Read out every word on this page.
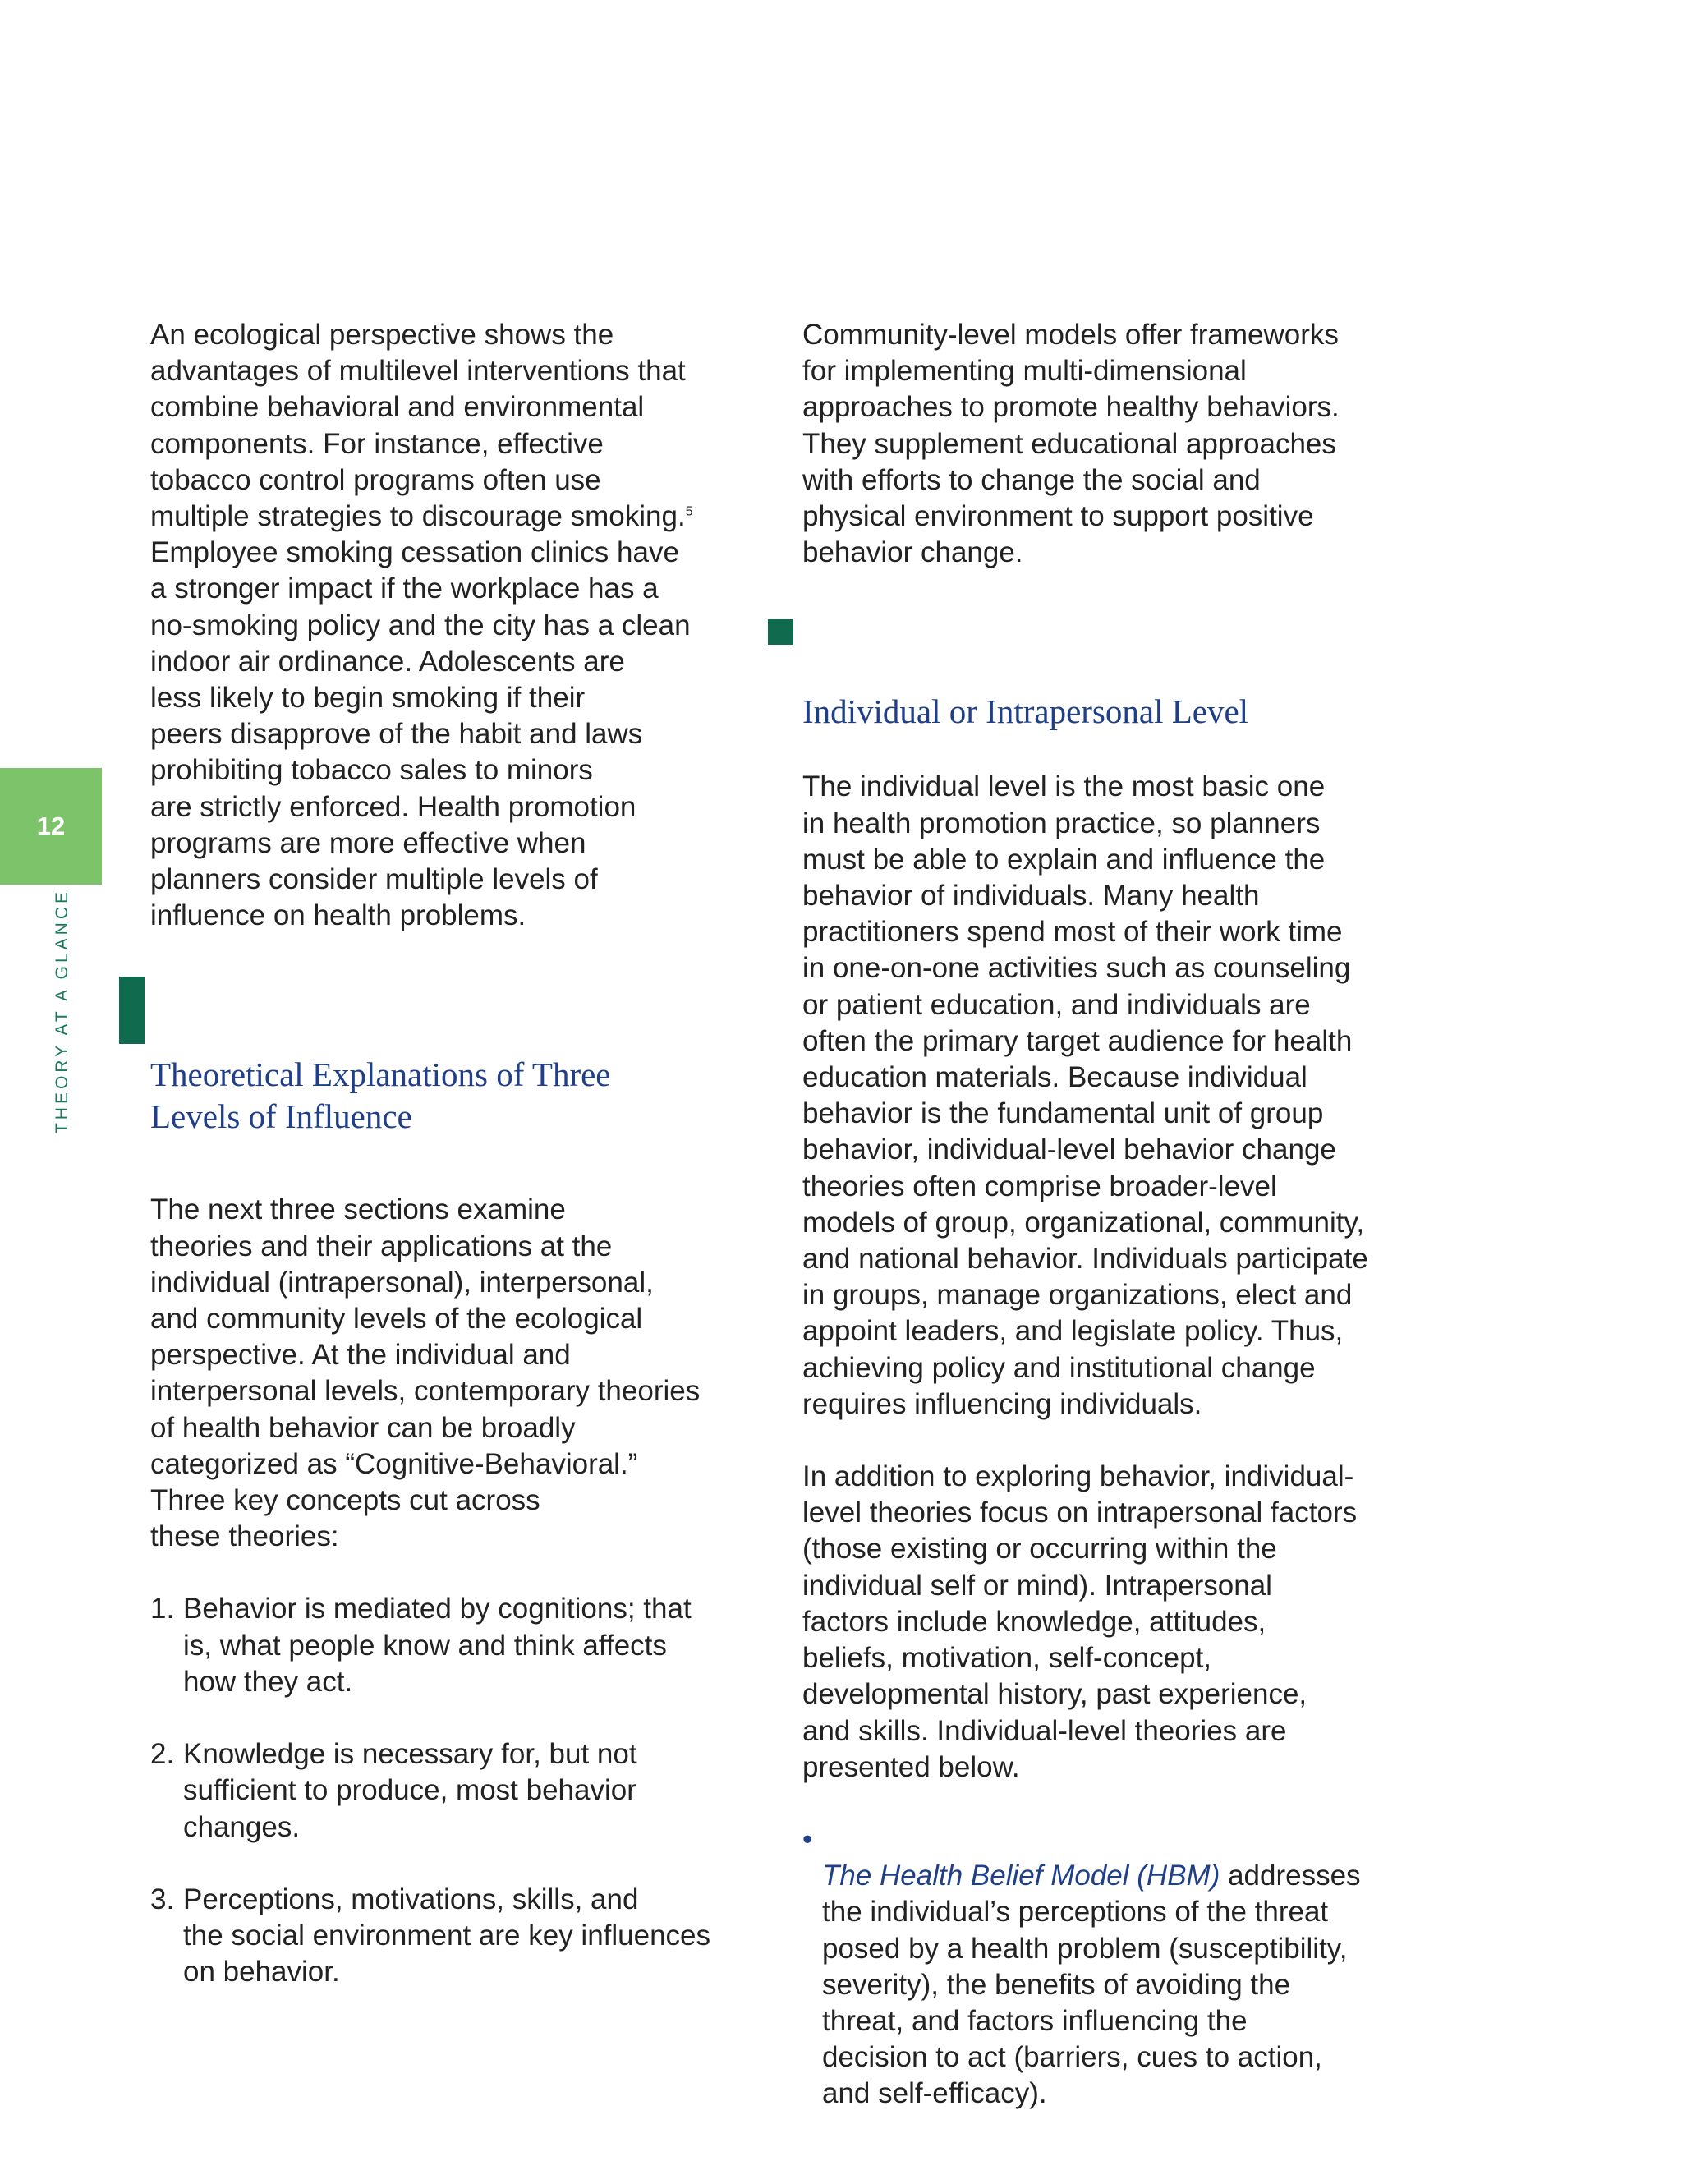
12
THEORY AT A GLANCE

An ecological perspective shows the
advantages of multilevel interventions that
combine behavioral and environmental
components. For instance, effective
tobacco control programs often use
multiple strategies to discourage smoking.$^5$
Employee smoking cessation clinics have
a stronger impact if the workplace has a
no-smoking policy and the city has a clean
indoor air ordinance. Adolescents are
less likely to begin smoking if their
peers disapprove of the habit and laws
prohibiting tobacco sales to minors
are strictly enforced. Health promotion
programs are more effective when
planners consider multiple levels of
influence on health problems.

Theoretical Explanations of Three
Levels of Influence

The next three sections examine
theories and their applications at the
individual (intrapersonal), interpersonal,
and community levels of the ecological
perspective. At the individual and
interpersonal levels, contemporary theories
of health behavior can be broadly
categorized as “Cognitive-Behavioral.”
Three key concepts cut across
these theories:

1. Behavior is mediated by cognitions; that
is, what people know and think affects
how they act.
2. Knowledge is necessary for, but not
sufficient to produce, most behavior
changes.
3. Perceptions, motivations, skills, and
the social environment are key influences
on behavior.

Community-level models offer frameworks
for implementing multi-dimensional
approaches to promote healthy behaviors.
They supplement educational approaches
with efforts to change the social and
physical environment to support positive
behavior change.

Individual or Intrapersonal Level

The individual level is the most basic one
in health promotion practice, so planners
must be able to explain and influence the
behavior of individuals. Many health
practitioners spend most of their work time
in one-on-one activities such as counseling
or patient education, and individuals are
often the primary target audience for health
education materials. Because individual
behavior is the fundamental unit of group
behavior, individual-level behavior change
theories often comprise broader-level
models of group, organizational, community,
and national behavior. Individuals participate
in groups, manage organizations, elect and
appoint leaders, and legislate policy. Thus,
achieving policy and institutional change
requires influencing individuals.

In addition to exploring behavior, individual-
level theories focus on intrapersonal factors
(those existing or occurring within the
individual self or mind). Intrapersonal
factors include knowledge, attitudes,
beliefs, motivation, self-concept,
developmental history, past experience,
and skills. Individual-level theories are
presented below.

•
The Health Belief Model (HBM) addresses
the individual’s perceptions of the threat
posed by a health problem (susceptibility,
severity), the benefits of avoiding the
threat, and factors influencing the
decision to act (barriers, cues to action,
and self-efficacy).
